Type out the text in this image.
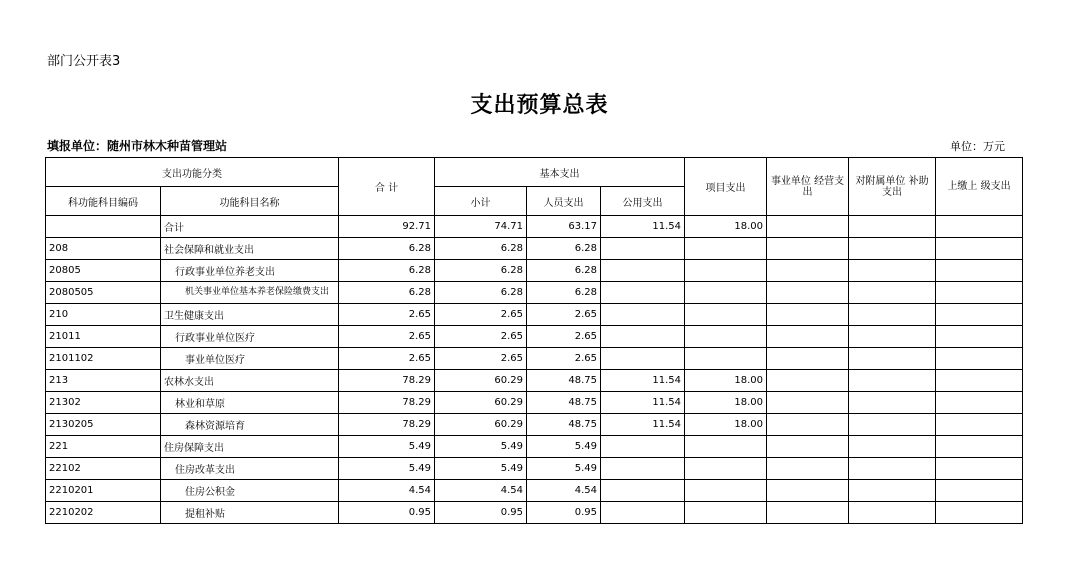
部门公开表3
支出预算总表
填报单位：随州市林木种苗管理站	单位：万元
支出功能分类		合 计	基本支出			项目支出	事业单位 经营支出	对附属单位 补助支出	上缴上 级支出
科功能科目编码	功能科目名称		小计	人员支出	公用支出				
	合计	92.71	74.71	63.17	11.54	18.00			
208	社会保障和就业支出	6.28	6.28	6.28					
20805	行政事业单位养老支出	6.28	6.28	6.28					
2080505	机关事业单位基本养老保险缴费支出	6.28	6.28	6.28					
210	卫生健康支出	2.65	2.65	2.65					
21011	行政事业单位医疗	2.65	2.65	2.65					
2101102	事业单位医疗	2.65	2.65	2.65					
213	农林水支出	78.29	60.29	48.75	11.54	18.00			
21302	林业和草原	78.29	60.29	48.75	11.54	18.00			
2130205	森林资源培育	78.29	60.29	48.75	11.54	18.00			
221	住房保障支出	5.49	5.49	5.49					
22102	住房改革支出	5.49	5.49	5.49					
2210201	住房公积金	4.54	4.54	4.54					
2210202	提租补贴	0.95	0.95	0.95					
